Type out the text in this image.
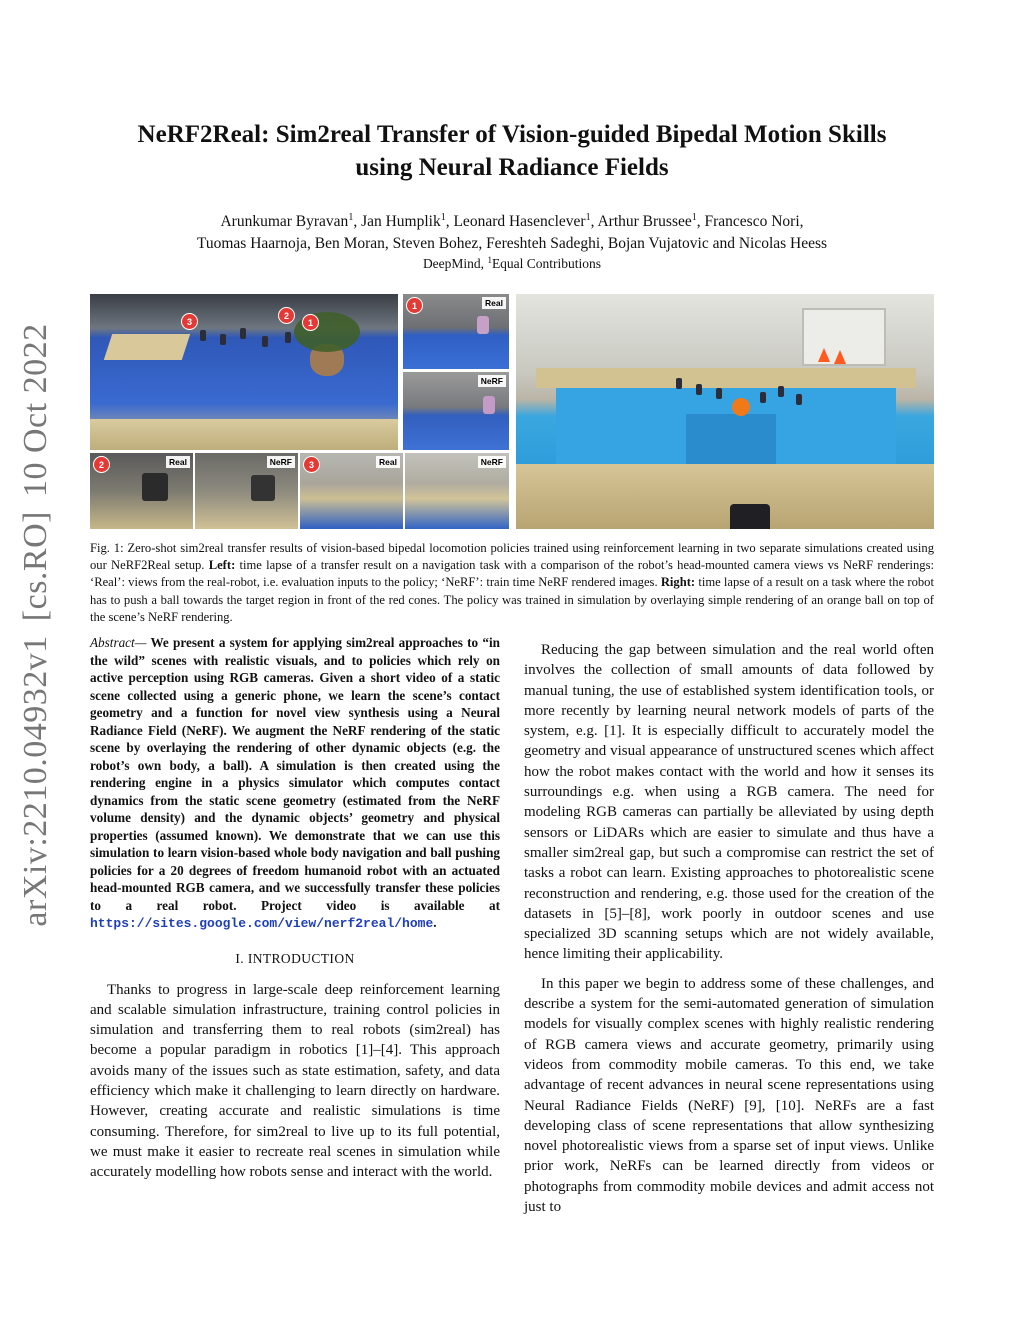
arXiv:2210.04932v1
[cs.RO]
10 Oct 2022
NeRF2Real: Sim2real Transfer of Vision-guided Bipedal Motion Skills
using Neural Radiance Fields
Arunkumar Byravan$^1$, Jan Humplik$^1$, Leonard Hasenclever$^1$, Arthur Brussee$^1$, Francesco Nori,
Tuomas Haarnoja, Ben Moran, Steven Bohez, Fereshteh Sadeghi, Bojan Vujatovic and Nicolas Heess
DeepMind, $^1$Equal Contributions
3
2
1
1	Real
NeRF
2	Real	NeRF	3	Real	NeRF
Fig. 1: Zero-shot sim2real transfer results of vision-based bipedal locomotion policies trained using reinforcement learning in two separate simulations created using our NeRF2Real setup. Left: time lapse of a transfer result on a navigation task with a comparison of the robot’s head-mounted camera views vs NeRF renderings: ‘Real’: views from the real-robot, i.e. evaluation inputs to the policy; ‘NeRF’: train time NeRF rendered images. Right: time lapse of a result on a task where the robot has to push a ball towards the target region in front of the red cones. The policy was trained in simulation by overlaying simple rendering of an orange ball on top of the scene’s NeRF rendering.
Abstract— We present a system for applying sim2real approaches to “in the wild” scenes with realistic visuals, and to policies which rely on active perception using RGB cameras. Given a short video of a static scene collected using a generic phone, we learn the scene’s contact geometry and a function for novel view synthesis using a Neural Radiance Field (NeRF). We augment the NeRF rendering of the static scene by overlaying the rendering of other dynamic objects (e.g. the robot’s own body, a ball). A simulation is then created using the rendering engine in a physics simulator which computes contact dynamics from the static scene geometry (estimated from the NeRF volume density) and the dynamic objects’ geometry and physical properties (assumed known). We demonstrate that we can use this simulation to learn vision-based whole body navigation and ball pushing policies for a 20 degrees of freedom humanoid robot with an actuated head-mounted RGB camera, and we successfully transfer these policies to a real robot. Project video is available at https://sites.google.com/view/nerf2real/home.
I. INTRODUCTION

Thanks to progress in large-scale deep reinforcement learning and scalable simulation infrastructure, training control policies in simulation and transferring them to real robots (sim2real) has become a popular paradigm in robotics [1]–[4]. This approach avoids many of the issues such as state estimation, safety, and data efficiency which make it challenging to learn directly on hardware. However, creating accurate and realistic simulations is time consuming. Therefore, for sim2real to live up to its full potential, we must make it easier to recreate real scenes in simulation while accurately modelling how robots sense and interact with the world.

Reducing the gap between simulation and the real world often involves the collection of small amounts of data followed by manual tuning, the use of established system identification tools, or more recently by learning neural network models of parts of the system, e.g. [1]. It is especially difficult to accurately model the geometry and visual appearance of unstructured scenes which affect how the robot makes contact with the world and how it senses its surroundings e.g. when using a RGB camera. The need for modeling RGB cameras can partially be alleviated by using depth sensors or LiDARs which are easier to simulate and thus have a smaller sim2real gap, but such a compromise can restrict the set of tasks a robot can learn. Existing approaches to photorealistic scene reconstruction and rendering, e.g. those used for the creation of the datasets in [5]–[8], work poorly in outdoor scenes and use specialized 3D scanning setups which are not widely available, hence limiting their applicability.

In this paper we begin to address some of these challenges, and describe a system for the semi-automated generation of simulation models for visually complex scenes with highly realistic rendering of RGB camera views and accurate geometry, primarily using videos from commodity mobile cameras. To this end, we take advantage of recent advances in neural scene representations using Neural Radiance Fields (NeRF) [9], [10]. NeRFs are a fast developing class of scene representations that allow synthesizing novel photorealistic views from a sparse set of input views. Unlike prior work, NeRFs can be learned directly from videos or photographs from commodity mobile devices and admit access not just to
